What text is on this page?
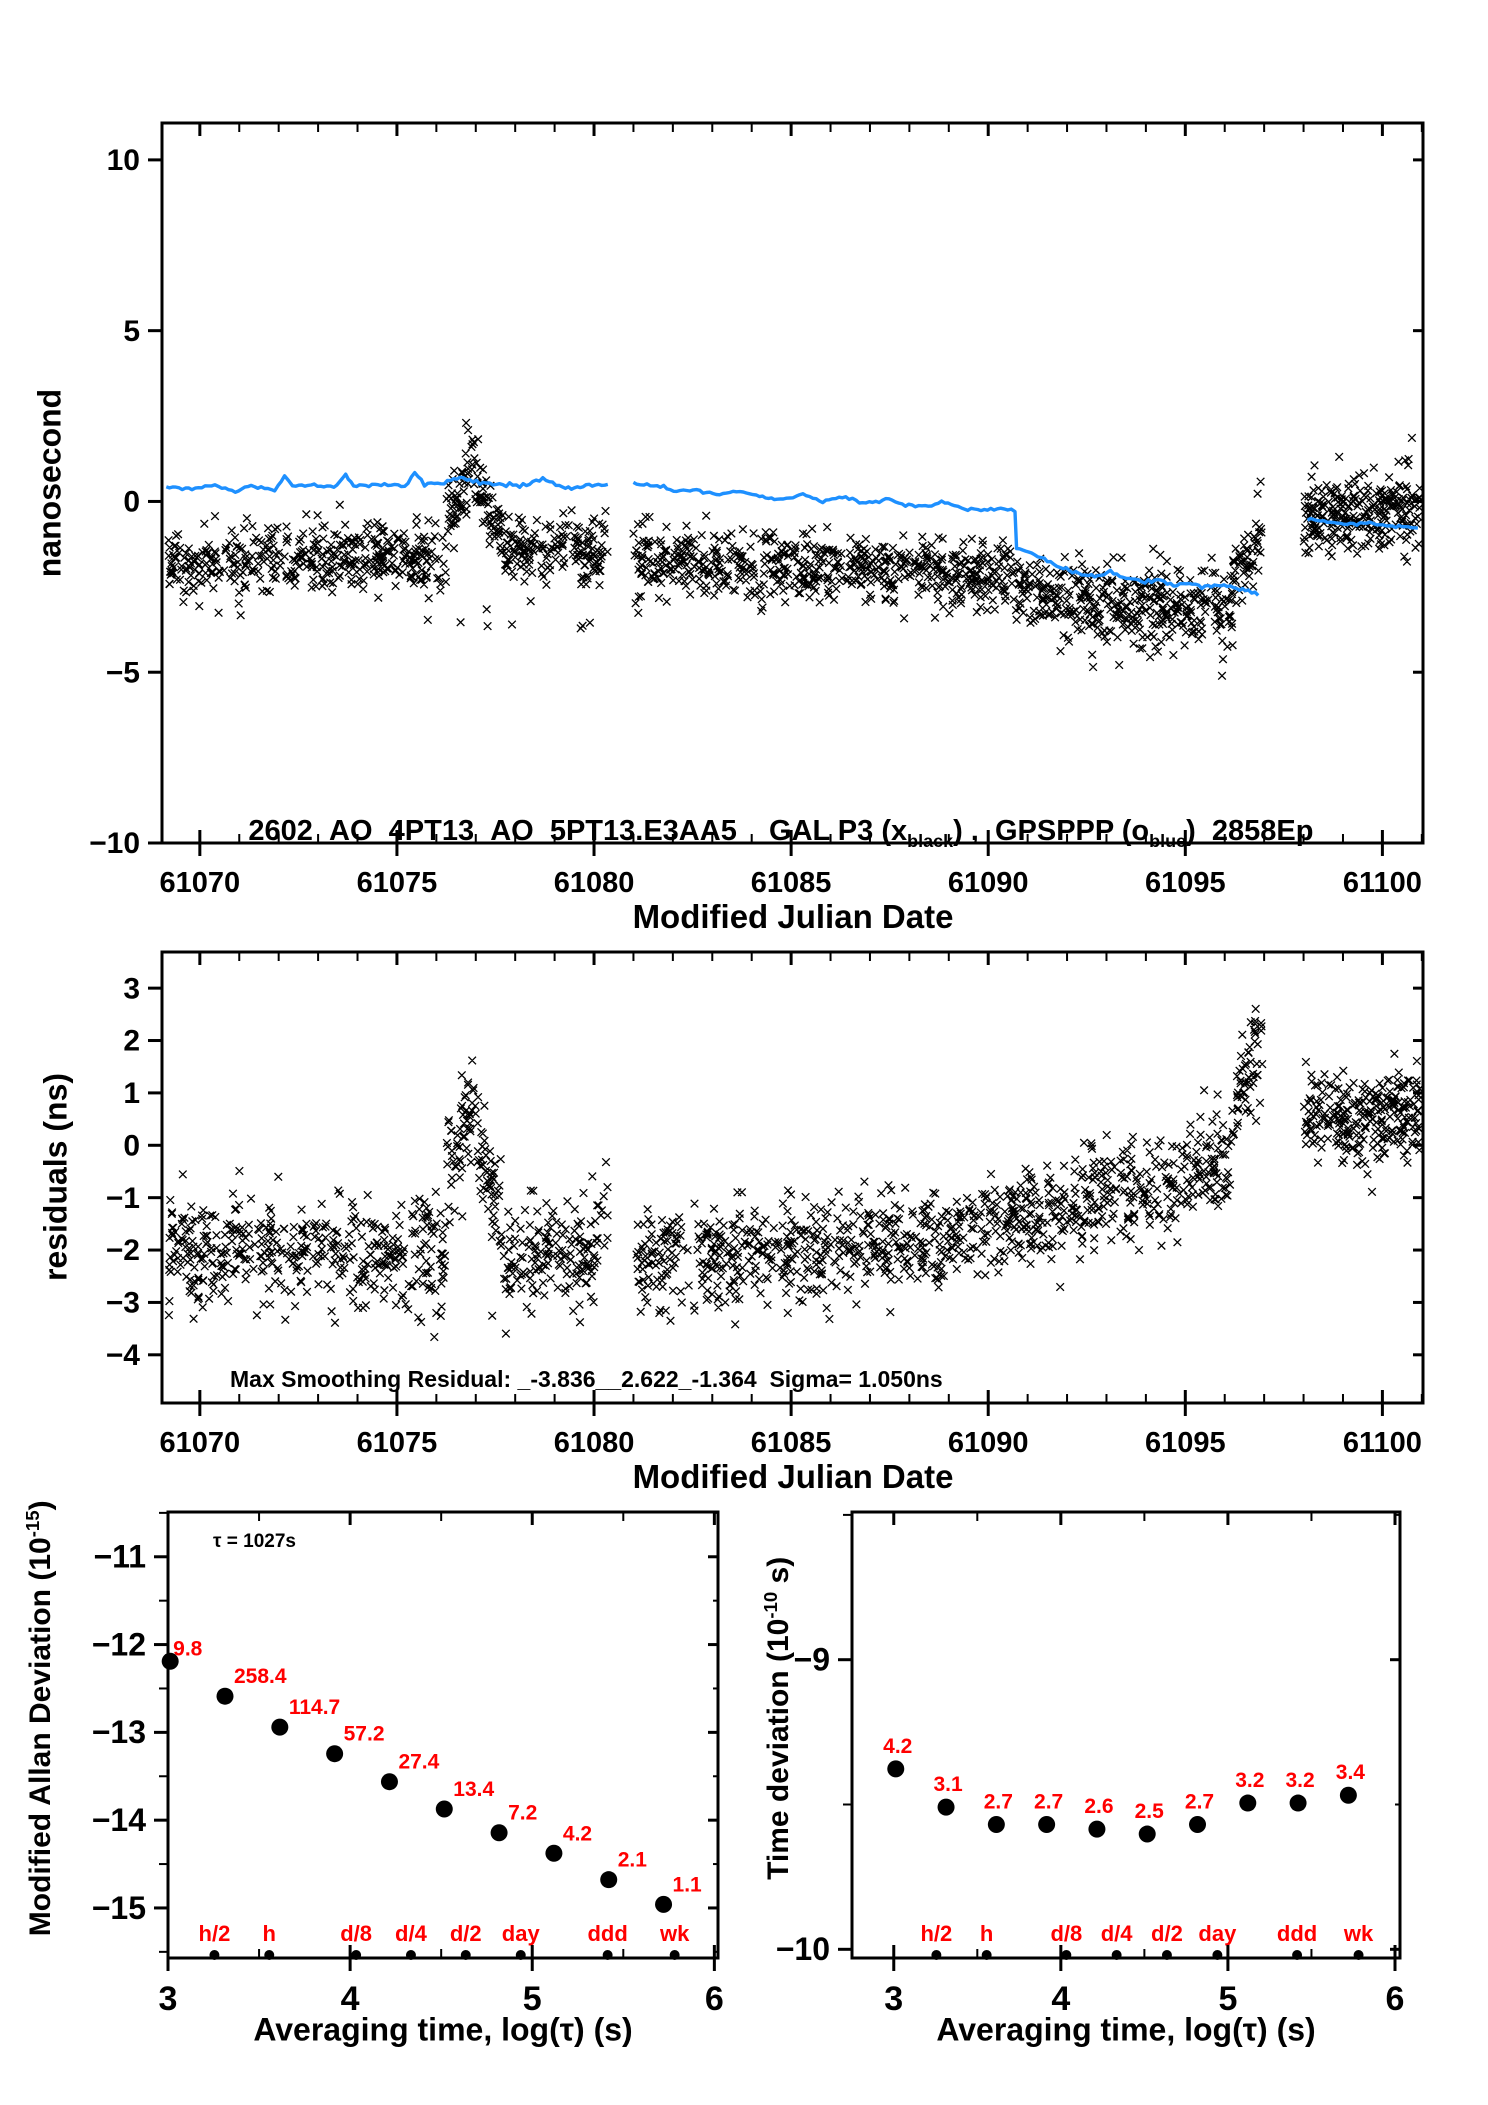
61070	61075	61080	61085	61090	61095	61100
−10
−5
0
5
10
61070	61075	61080	61085	61090	61095	61100
−4
−3
−2
−1
0
1
2
3
9.8
258.4
114.7
57.2
27.4
13.4
7.2
4.2
2.1
1.1
h/2 h	d/8 d/4 d/2 day ddd wk
4.2
3.1
2.7 2.7 2.6 2.5 2.7
3.2 3.2 3.4
h/2 h	d/8 d/4 d/2 day ddd wk
3	4	5	6
−15
−14
−13
−12
−11
3	4	5	6
−10
−9
nanosecond

_2602_AO_4PT13_AO_5PT13.E3AA5    GAL P3 $(x_{black})$ ,  GPSPPP $(o_{blue})$  2858Ep

Modified Julian Date
residuals (ns)
Max Smoothing Residual: _-3.836__2.622_-1.364  Sigma= 1.050ns
Modified Julian Date

Modified Allan Deviation $(10^{-15})$

τ = 1027s
Averaging time, log(τ) (s)

Time deviation ($10^{-10}$ s)

Averaging time, log(τ) (s)
